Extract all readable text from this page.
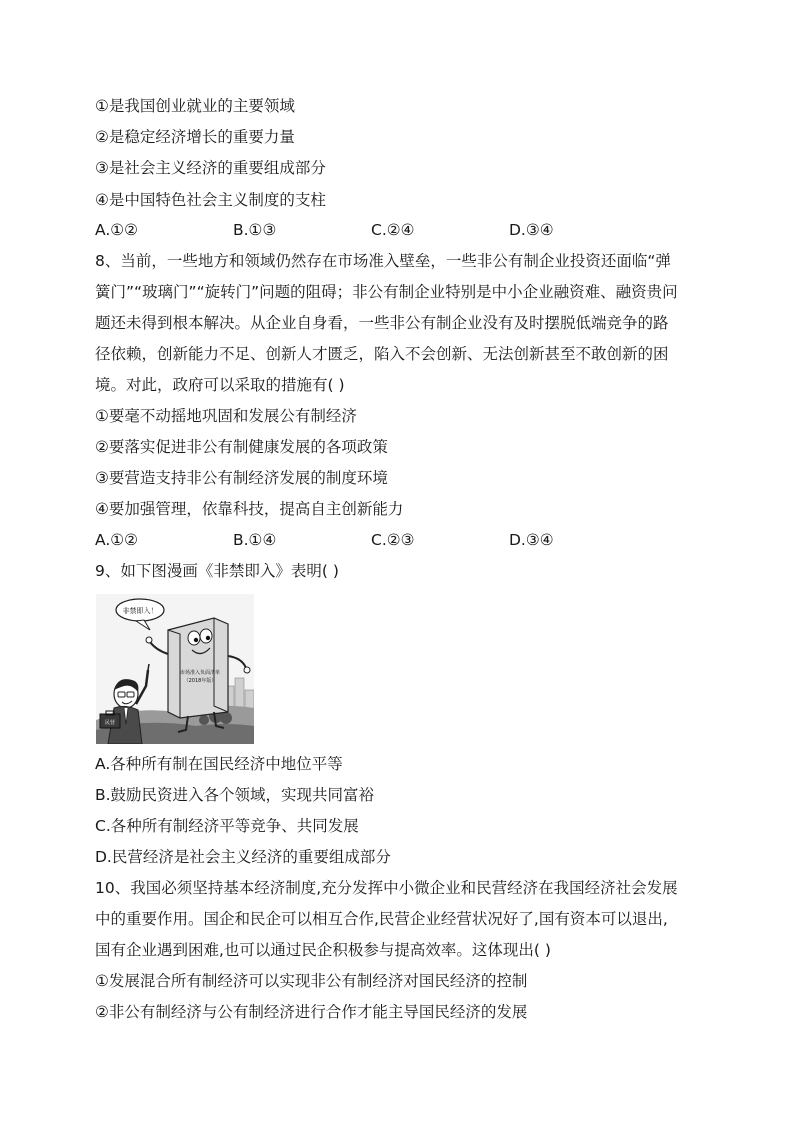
①是我国创业就业的主要领域
②是稳定经济增长的重要力量
③是社会主义经济的重要组成部分
④是中国特色社会主义制度的支柱
A.①②	B.①③	C.②④	D.③④
8、当前，一些地方和领域仍然存在市场准入壁垒，一些非公有制企业投资还面临“弹
簧门”“玻璃门”“旋转门”问题的阻碍；非公有制企业特别是中小企业融资难、融资贵问
题还未得到根本解决。从企业自身看，一些非公有制企业没有及时摆脱低端竞争的路
径依赖，创新能力不足、创新人才匮乏，陷入不会创新、无法创新甚至不敢创新的困
境。对此，政府可以采取的措施有( )
①要毫不动摇地巩固和发展公有制经济
②要落实促进非公有制健康发展的各项政策
③要营造支持非公有制经济发展的制度环境
④要加强管理，依靠科技，提高自主创新能力
A.①②	B.①④	C.②③	D.③④
9、如下图漫画《非禁即入》表明( )
非禁即入！
市场准入负面清单
（2018年版）
民营
A.各种所有制在国民经济中地位平等
B.鼓励民资进入各个领域，实现共同富裕
C.各种所有制经济平等竞争、共同发展
D.民营经济是社会主义经济的重要组成部分
10、我国必须坚持基本经济制度,充分发挥中小微企业和民营经济在我国经济社会发展
中的重要作用。国企和民企可以相互合作,民营企业经营状况好了,国有资本可以退出,
国有企业遇到困难,也可以通过民企积极参与提高效率。这体现出( )
①发展混合所有制经济可以实现非公有制经济对国民经济的控制
②非公有制经济与公有制经济进行合作才能主导国民经济的发展
